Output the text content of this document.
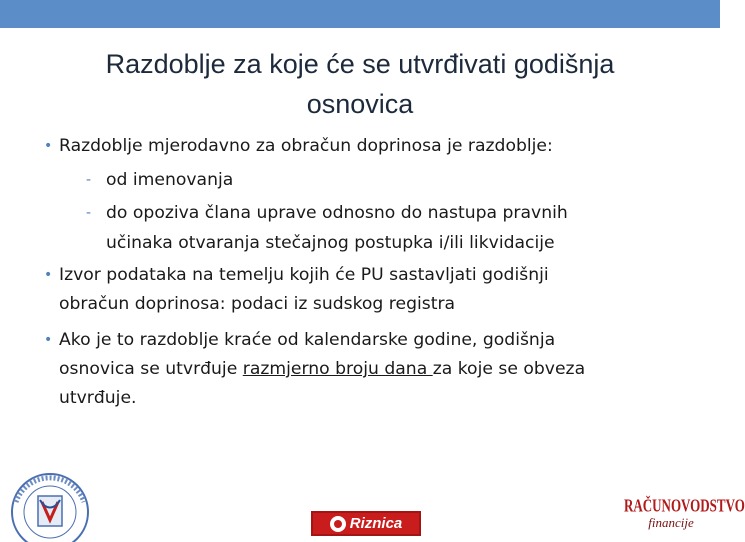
Razdoblje za koje će se utvrđivati godišnja
osnovica
• Razdoblje mjerodavno za obračun doprinosa je razdoblje:
- od imenovanja
- do opoziva člana uprave odnosno do nastupa pravnih
učinaka otvaranja stečajnog postupka i/ili likvidacije
• Izvor podataka na temelju kojih će PU sastavljati godišnji
obračun doprinosa: podaci iz sudskog registra
• Ako je to razdoblje kraće od kalendarske godine, godišnja
osnovica se utvrđuje razmjerno broju dana za koje se obveza
utvrđuje.
Riznica
RAČUNOVODSTVO
financije
